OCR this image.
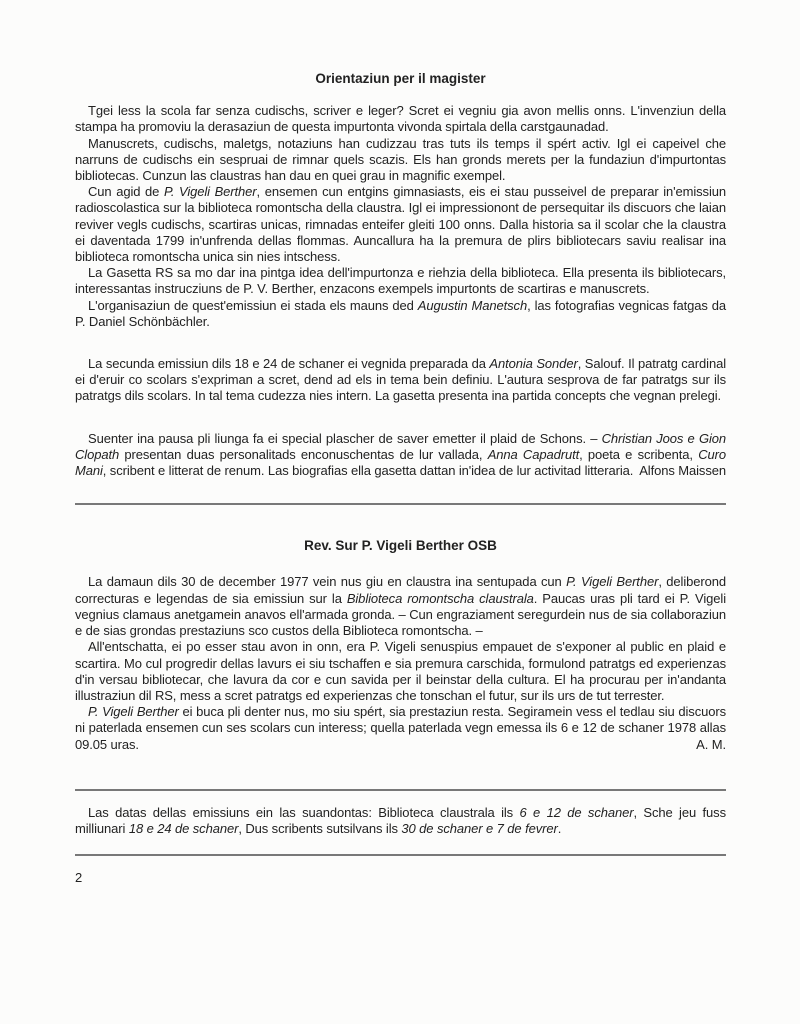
Orientaziun per il magister

Tgei less la scola far senza cudischs, scriver e leger? Scret ei vegniu gia avon mellis onns. L'invenziun della stampa ha promoviu la derasaziun de questa impurtonta vivonda spirtala della carstgaunadad.

Manuscrets, cudischs, maletgs, notaziuns han cudizzau tras tuts ils temps il spért activ. Igl ei capeivel che narruns de cudischs ein sespruai de rimnar quels scazis. Els han gronds merets per la fundaziun d'impurtontas bibliotecas. Cunzun las claustras han dau en quei grau in magnific exempel.

Cun agid de P. Vigeli Berther, ensemen cun entgins gimnasiasts, eis ei stau pusseivel de preparar in'emissiun radioscolastica sur la biblioteca romontscha della claustra. Igl ei impressionont de persequitar ils discuors che laian reviver vegls cudischs, scartiras unicas, rimnadas enteifer gleiti 100 onns. Dalla historia sa il scolar che la claustra ei daventada 1799 in'unfrenda dellas flommas. Auncallura ha la premura de plirs bibliotecars saviu realisar ina biblioteca romontscha unica sin nies intschess.

La Gasetta RS sa mo dar ina pintga idea dell'impurtonza e riehzia della biblioteca. Ella presenta ils bibliotecars, interessantas instrucziuns de P. V. Berther, enzacons exempels impurtonts de scartiras e manuscrets.

L'organisaziun de quest'emissiun ei stada els mauns ded Augustin Manetsch, las fotografias vegnicas fatgas da P. Daniel Schönbächler.

La secunda emissiun dils 18 e 24 de schaner ei vegnida preparada da Antonia Sonder, Salouf. Il patratg cardinal ei d'eruir co scolars s'expriman a scret, dend ad els in tema bein definiu. L'autura sesprova de far patratgs sur ils patratgs dils scolars. In tal tema cudezza nies intern. La gasetta presenta ina partida concepts che vegnan prelegi.

Suenter ina pausa pli liunga fa ei special plascher de saver emetter il plaid de Schons. – Christian Joos e Gion Clopath presentan duas personalitads enconuschentas de lur vallada, Anna Capadrutt, poeta e scribenta, Curo Mani, scribent e litterat de renum. Las biografias ella gasetta dattan in'idea de lur activitad litteraria. Alfons Maissen
Rev. Sur P. Vigeli Berther OSB

La damaun dils 30 de december 1977 vein nus giu en claustra ina sentupada cun P. Vigeli Berther, deliberond correcturas e legendas de sia emissiun sur la Biblioteca romontscha claustrala. Paucas uras pli tard ei P. Vigeli vegnius clamaus anetgamein anavos ell'armada gronda. – Cun engraziament seregurdein nus de sia collaboraziun e de sias grondas prestaziuns sco custos della Biblioteca romontscha. –

All'entschatta, ei po esser stau avon in onn, era P. Vigeli senuspius empauet de s'exponer al public en plaid e scartira. Mo cul progredir dellas lavurs ei siu tschaffen e sia premura carschida, formulond patratgs ed experienzas d'in versau bibliotecar, che lavura da cor e cun savida per il beinstar della cultura. El ha procurau per in'andanta illustraziun dil RS, mess a scret patratgs ed experienzas che tonschan el futur, sur ils urs de tut terrester.

P. Vigeli Berther ei buca pli denter nus, mo siu spért, sia prestaziun resta. Segiramein vess el tedlau siu discuors ni paterlada ensemen cun ses scolars cun interess; quella paterlada vegn emessa ils 6 e 12 de schaner 1978 allas 09.05 uras.	A. M.

Las datas dellas emissiuns ein las suandontas: Biblioteca claustrala ils 6 e 12 de schaner, Sche jeu fuss milliunari 18 e 24 de schaner, Dus scribents sutsilvans ils 30 de schaner e 7 de fevrer.

2
